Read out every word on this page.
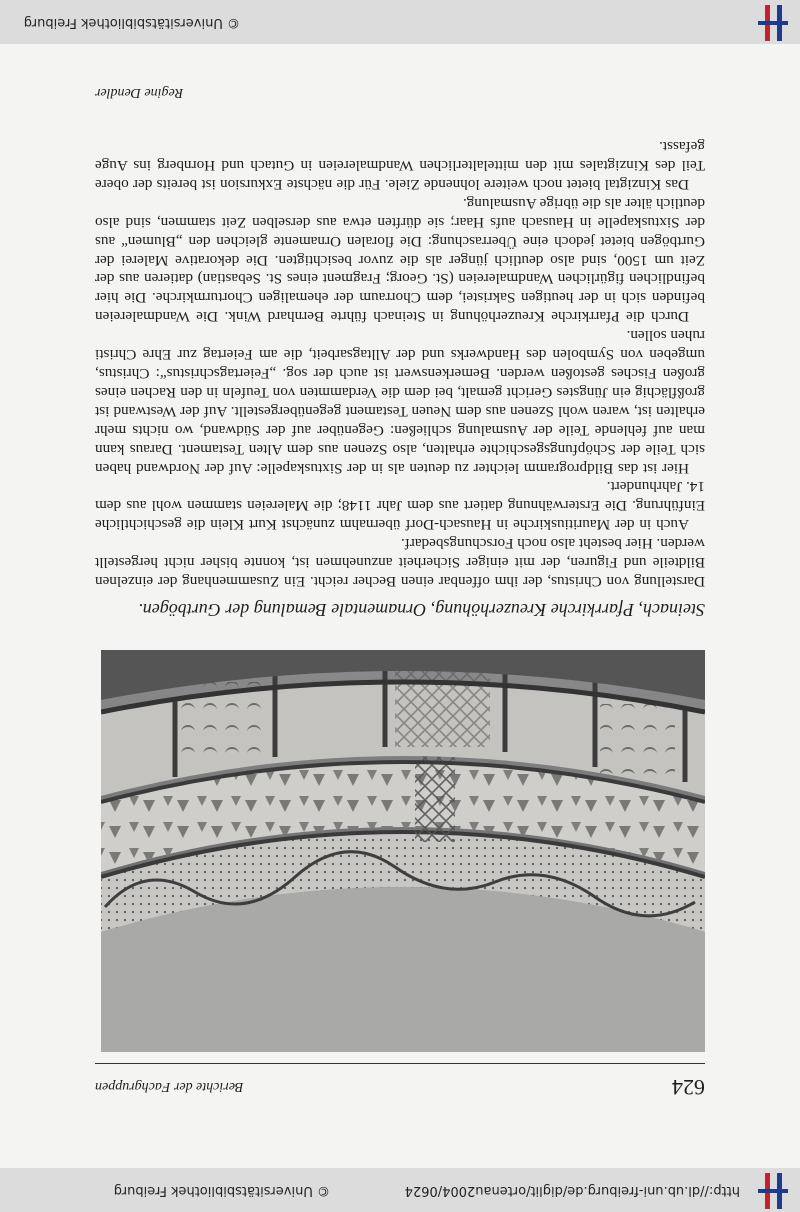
http://dl.ub.uni-freiburg.de/diglit/ortenau2004/0624
© Universitätsbibliothek Freiburg
© Universitätsbibliothek Freiburg
624
Berichte der Fachgruppen
Steinach, Pfarrkirche Kreuzerhöhung, Ornamentale Bemalung der Gurtbögen.

Darstellung von Christus, der ihm offenbar einen Becher reicht. Ein Zusammenhang der einzelnen Bildteile und Figuren, der mit einiger Sicherheit anzunehmen ist, konnte bisher nicht hergestellt werden. Hier besteht also noch Forschungsbedarf.

Auch in der Mauritiuskirche in Hausach-Dorf übernahm zunächst Kurt Klein die geschichtliche Einführung. Die Ersterwähnung datiert aus dem Jahr 1148; die Malereien stammen wohl aus dem 14. Jahrhundert.

Hier ist das Bildprogramm leichter zu deuten als in der Sixtuskapelle: Auf der Nordwand haben sich Teile der Schöpfungsgeschichte erhalten, also Szenen aus dem Alten Testament. Daraus kann man auf fehlende Teile der Ausmalung schließen: Gegenüber auf der Südwand, wo nichts mehr erhalten ist, waren wohl Szenen aus dem Neuen Testament gegenübergestellt. Auf der Westwand ist großflächig ein Jüngstes Gericht gemalt, bei dem die Verdammten von Teufeln in den Rachen eines großen Fisches gestoßen werden. Bemerkenswert ist auch der sog. „Feiertagschristus“: Christus, umgeben von Symbolen des Handwerks und der Alltagsarbeit, die am Feiertag zur Ehre Christi ruhen sollen.

Durch die Pfarrkirche Kreuzerhöhung in Steinach führte Bernhard Wink. Die Wandmalereien befinden sich in der heutigen Sakristei, dem Chorraum der ehemaligen Chorturmkirche. Die hier befindlichen figürlichen Wandmalereien (St. Georg; Fragment eines St. Sebastian) datieren aus der Zeit um 1500, sind also deutlich jünger als die zuvor besichtigten. Die dekorative Malerei der Gurtbögen bietet jedoch eine Überraschung: Die floralen Ornamente gleichen den „Blumen“ aus der Sixtuskapelle in Hausach aufs Haar; sie dürften etwa aus derselben Zeit stammen, sind also deutlich älter als die übrige Ausmalung.

Das Kinzigtal bietet noch weitere lohnende Ziele. Für die nächste Exkursion ist bereits der obere Teil des Kinzigtales mit den mittelalterlichen Wandmalereien in Gutach und Hornberg ins Auge gefasst.

Regine Dendler
